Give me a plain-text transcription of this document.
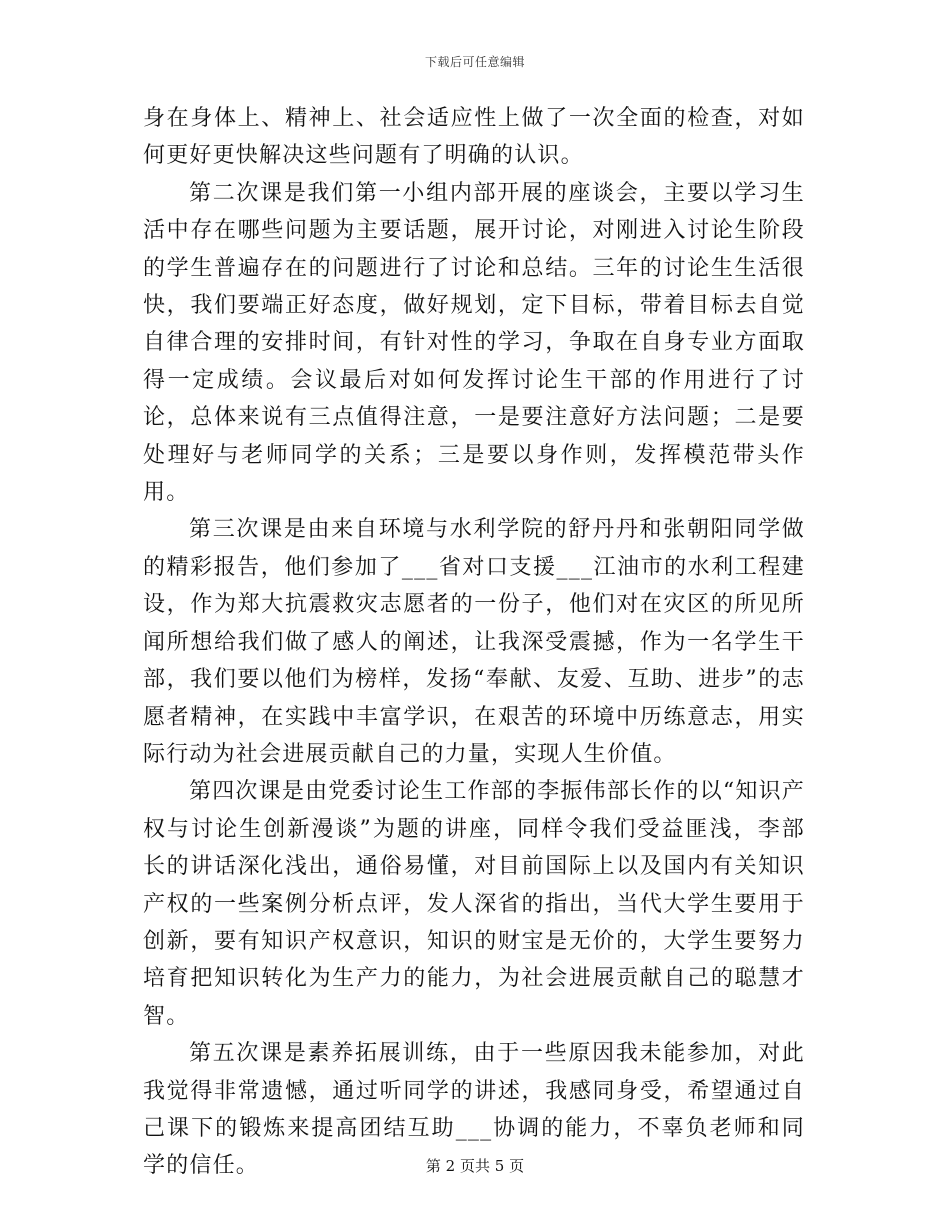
下载后可任意编辑

身在身体上、精神上、社会适应性上做了一次全面的检查，对如何更好更快解决这些问题有了明确的认识。

第二次课是我们第一小组内部开展的座谈会，主要以学习生活中存在哪些问题为主要话题，展开讨论，对刚进入讨论生阶段的学生普遍存在的问题进行了讨论和总结。三年的讨论生生活很快，我们要端正好态度，做好规划，定下目标，带着目标去自觉自律合理的安排时间，有针对性的学习，争取在自身专业方面取得一定成绩。会议最后对如何发挥讨论生干部的作用进行了讨论，总体来说有三点值得注意，一是要注意好方法问题；二是要处理好与老师同学的关系；三是要以身作则，发挥模范带头作用。

第三次课是由来自环境与水利学院的舒丹丹和张朝阳同学做的精彩报告，他们参加了___省对口支援___江油市的水利工程建设，作为郑大抗震救灾志愿者的一份子，他们对在灾区的所见所闻所想给我们做了感人的阐述，让我深受震撼，作为一名学生干部，我们要以他们为榜样，发扬“奉献、友爱、互助、进步”的志愿者精神，在实践中丰富学识，在艰苦的环境中历练意志，用实际行动为社会进展贡献自己的力量，实现人生价值。

第四次课是由党委讨论生工作部的李振伟部长作的以“知识产权与讨论生创新漫谈”为题的讲座，同样令我们受益匪浅，李部长的讲话深化浅出，通俗易懂，对目前国际上以及国内有关知识产权的一些案例分析点评，发人深省的指出，当代大学生要用于创新，要有知识产权意识，知识的财宝是无价的，大学生要努力培育把知识转化为生产力的能力，为社会进展贡献自己的聪慧才智。

第五次课是素养拓展训练，由于一些原因我未能参加，对此我觉得非常遗憾，通过听同学的讲述，我感同身受，希望通过自己课下的锻炼来提高团结互助___协调的能力，不辜负老师和同学的信任。	第 2 页共 5 页
